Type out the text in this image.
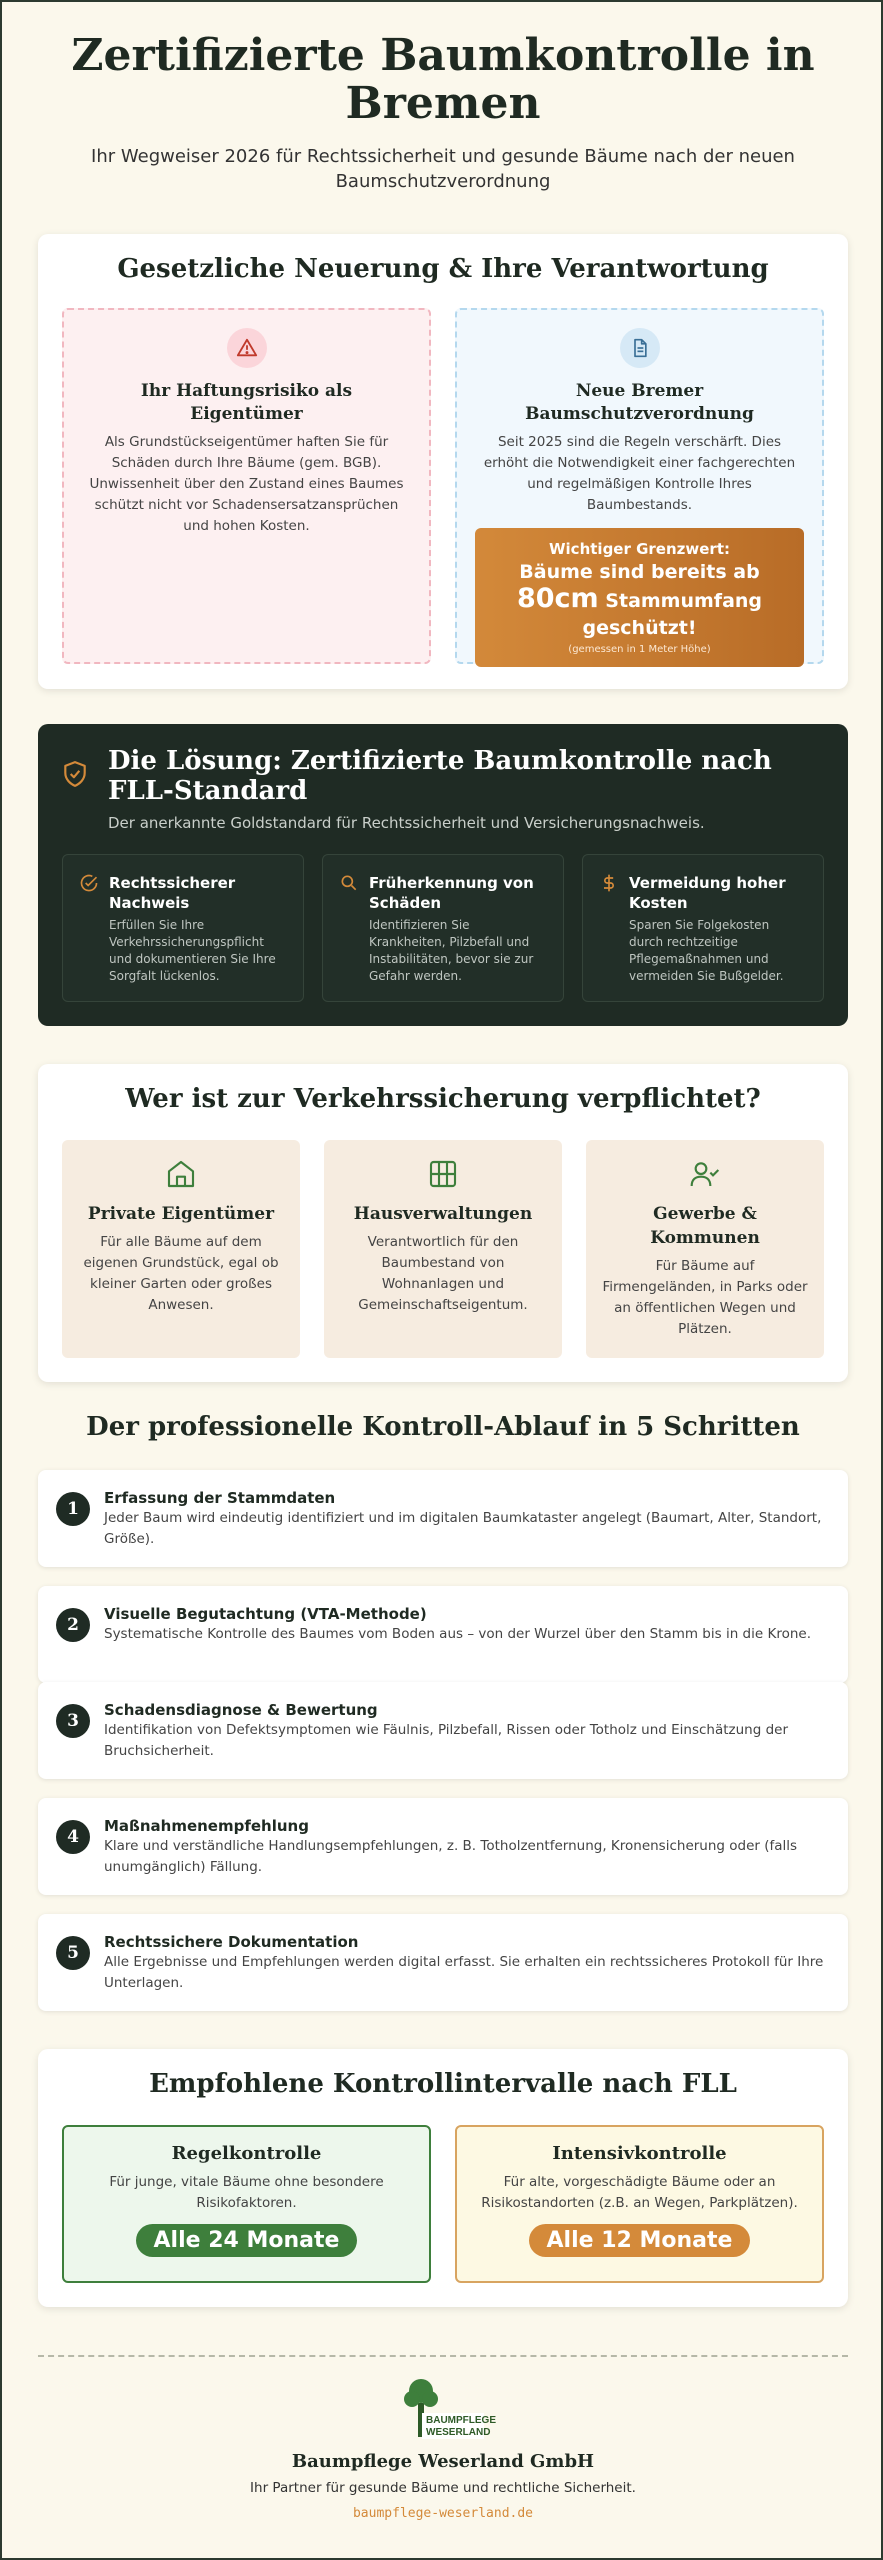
Zertifizierte Baumkontrolle in Bremen

Ihr Wegweiser 2026 für Rechtssicherheit und gesunde Bäume nach der neuen Baumschutzverordnung

Gesetzliche Neuerung & Ihre Verantwortung
Ihr Haftungsrisiko als Eigentümer

Als Grundstückseigentümer haften Sie für Schäden durch Ihre Bäume (gem. BGB). Unwissenheit über den Zustand eines Baumes schützt nicht vor Schadensersatzansprüchen und hohen Kosten.

Neue Bremer Baumschutzverordnung

Seit 2025 sind die Regeln verschärft. Dies erhöht die Notwendigkeit einer fachgerechten und regelmäßigen Kontrolle Ihres Baumbestands.

Wichtiger Grenzwert:
Bäume sind bereits ab
80cm Stammumfang
geschützt!
(gemessen in 1 Meter Höhe)
Die Lösung: Zertifizierte Baumkontrolle nach FLL-Standard
Der anerkannte Goldstandard für Rechtssicherheit und Versicherungsnachweis.
Rechtssicherer Nachweis

Erfüllen Sie Ihre Verkehrssicherungspflicht und dokumentieren Sie Ihre Sorgfalt lückenlos.

Früherkennung von Schäden

Identifizieren Sie Krankheiten, Pilzbefall und Instabilitäten, bevor sie zur Gefahr werden.

Vermeidung hoher Kosten

Sparen Sie Folgekosten durch rechtzeitige Pflegemaßnahmen und vermeiden Sie Bußgelder.

Wer ist zur Verkehrssicherung verpflichtet?
Private Eigentümer

Für alle Bäume auf dem eigenen Grundstück, egal ob kleiner Garten oder großes Anwesen.

Hausverwaltungen

Verantwortlich für den Baumbestand von Wohnanlagen und Gemeinschaftseigentum.

Gewerbe & Kommunen

Für Bäume auf Firmengeländen, in Parks oder an öffentlichen Wegen und Plätzen.

Der professionelle Kontroll-Ablauf in 5 Schritten
1
Erfassung der Stammdaten

Jeder Baum wird eindeutig identifiziert und im digitalen Baumkataster angelegt (Baumart, Alter, Standort, Größe).

2
Visuelle Begutachtung (VTA-Methode)

Systematische Kontrolle des Baumes vom Boden aus – von der Wurzel über den Stamm bis in die Krone.

3
Schadensdiagnose & Bewertung

Identifikation von Defektsymptomen wie Fäulnis, Pilzbefall, Rissen oder Totholz und Einschätzung der Bruchsicherheit.

4
Maßnahmenempfehlung

Klare und verständliche Handlungsempfehlungen, z. B. Totholzentfernung, Kronensicherung oder (falls unumgänglich) Fällung.

5
Rechtssichere Dokumentation

Alle Ergebnisse und Empfehlungen werden digital erfasst. Sie erhalten ein rechtssicheres Protokoll für Ihre Unterlagen.

Empfohlene Kontrollintervalle nach FLL
Regelkontrolle

Für junge, vitale Bäume ohne besondere Risikofaktoren.

Alle 24 Monate
Intensivkontrolle

Für alte, vorgeschädigte Bäume oder an Risikostandorten (z.B. an Wegen, Parkplätzen).

Alle 12 Monate
BAUMPFLEGE
WESERLAND
Baumpflege Weserland GmbH

Ihr Partner für gesunde Bäume und rechtliche Sicherheit.

baumpflege-weserland.de
